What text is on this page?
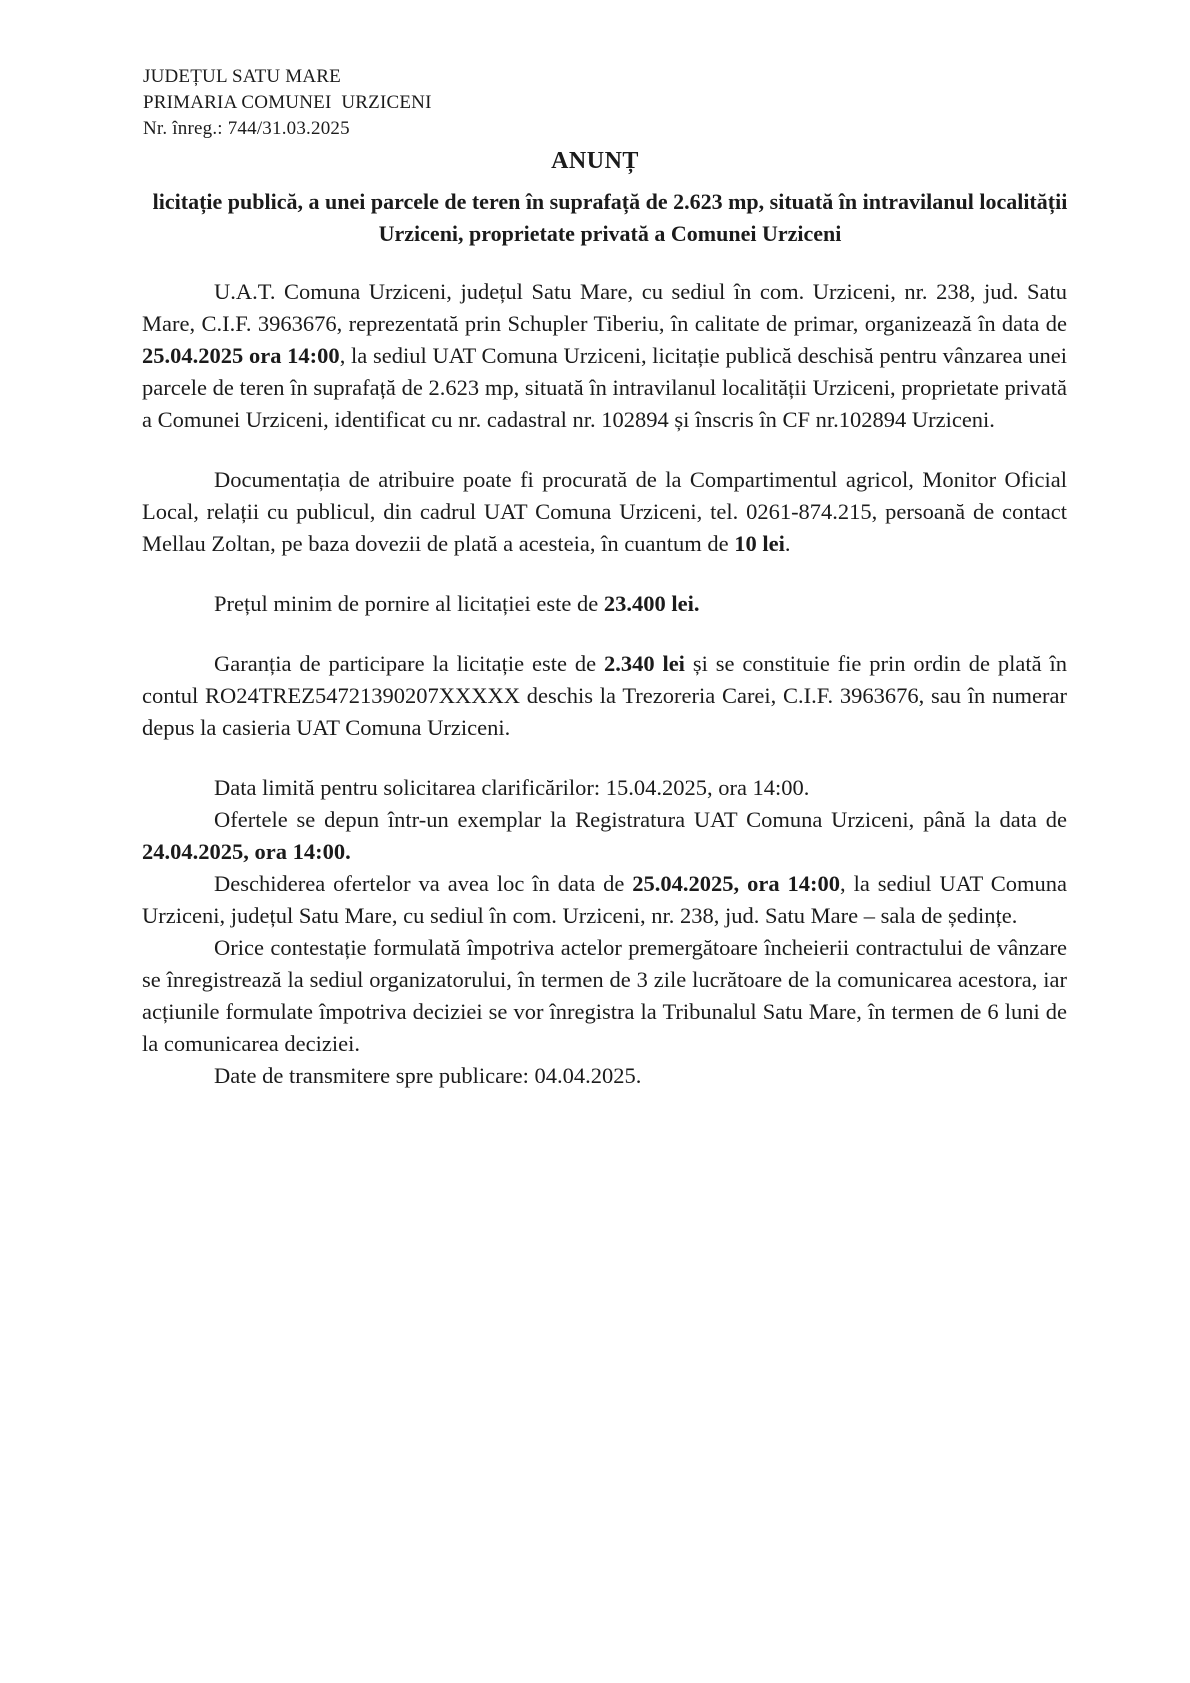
JUDEȚUL SATU MARE
PRIMARIA COMUNEI  URZICENI
Nr. înreg.: 744/31.03.2025
ANUNȚ
licitație publică, a unei parcele de teren în suprafață de 2.623 mp, situată în intravilanul localității Urziceni, proprietate privată a Comunei Urziceni

U.A.T. Comuna Urziceni, județul Satu Mare, cu sediul în com. Urziceni, nr. 238, jud. Satu Mare, C.I.F. 3963676, reprezentată prin Schupler Tiberiu, în calitate de primar, organizează în data de 25.04.2025 ora 14:00, la sediul UAT Comuna Urziceni, licitație publică deschisă pentru vânzarea unei parcele de teren în suprafață de 2.623 mp, situată în intravilanul localității Urziceni, proprietate privată a Comunei Urziceni, identificat cu nr. cadastral nr. 102894 și înscris în CF nr.102894 Urziceni.

Documentația de atribuire poate fi procurată de la Compartimentul agricol, Monitor Oficial Local, relații cu publicul, din cadrul UAT Comuna Urziceni, tel. 0261-874.215, persoană de contact Mellau Zoltan, pe baza dovezii de plată a acesteia, în cuantum de 10 lei.

Prețul minim de pornire al licitației este de 23.400 lei.

Garanția de participare la licitație este de 2.340 lei și se constituie fie prin ordin de plată în contul RO24TREZ54721390207XXXXX deschis la Trezoreria Carei, C.I.F. 3963676, sau în numerar depus la casieria UAT Comuna Urziceni.

Data limită pentru solicitarea clarificărilor: 15.04.2025, ora 14:00.

Ofertele se depun într-un exemplar la Registratura UAT Comuna Urziceni, până la data de 24.04.2025, ora 14:00.

Deschiderea ofertelor va avea loc în data de 25.04.2025, ora 14:00, la sediul UAT Comuna Urziceni, județul Satu Mare, cu sediul în com. Urziceni, nr. 238, jud. Satu Mare – sala de ședințe.

Orice contestație formulată împotriva actelor premergătoare încheierii contractului de vânzare se înregistrează la sediul organizatorului, în termen de 3 zile lucrătoare de la comunicarea acestora, iar acțiunile formulate împotriva deciziei se vor înregistra la Tribunalul Satu Mare, în termen de 6 luni de la comunicarea deciziei.

Date de transmitere spre publicare: 04.04.2025.
